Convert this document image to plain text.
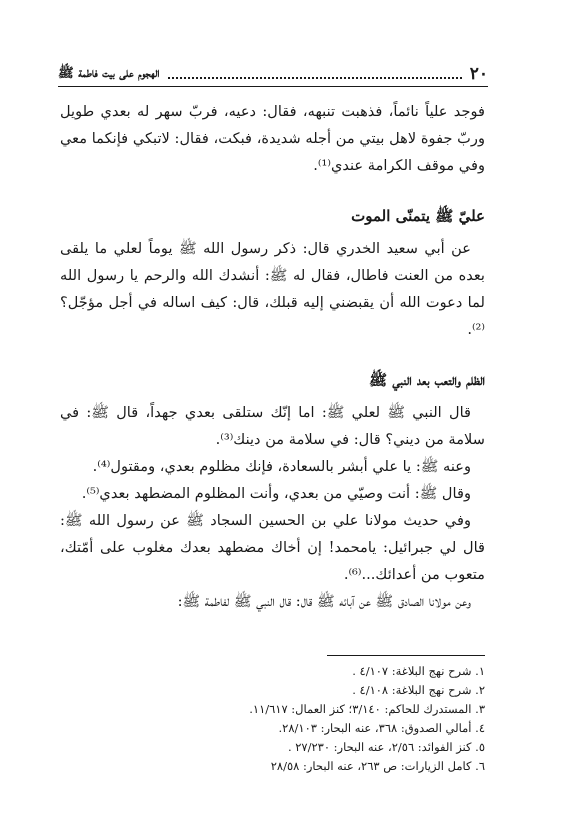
٢٠
الهجوم على بيت فاطمة ﷺ

فوجد علياً نائماً، فذهبت تنبهه، فقال: دعيه، فربّ سهر له بعدي طويل وربّ جفوة لاهل بيتي من أجله شديدة، فبكت، فقال: لاتبكي فإنكما معي وفي موقف الكرامة عندي⁽¹⁾.

عليّ ﷺ يتمنّى الموت

عن أبي سعيد الخدري قال: ذكر رسول الله ﷺ يوماً لعلي ما يلقى بعده من العنت فاطال، فقال له ﷺ: أنشدك الله والرحم يا رسول الله لما دعوت الله أن يقبضني إليه قبلك، قال: كيف اساله في أجل مؤجّل؟⁽²⁾.

الظلم والتعب بعد النبي ﷺ

قال النبي ﷺ لعلي ﷺ: اما إنّك ستلقى بعدي جهداً، قال ﷺ: في سلامة من ديني؟ قال: في سلامة من دينك⁽³⁾.

وعنه ﷺ: يا علي أبشر بالسعادة، فإنك مظلوم بعدي، ومقتول⁽⁴⁾.

وقال ﷺ: أنت وصيّي من بعدي، وأنت المظلوم المضطهد بعدي⁽⁵⁾.

وفي حديث مولانا علي بن الحسين السجاد ﷺ عن رسول الله ﷺ: قال لي جبرائيل: يامحمد! إن أخاك مضطهد بعدك مغلوب على أمّتك، متعوب من أعدائك...⁽⁶⁾.

وعن مولانا الصادق ﷺ عن آبائه ﷺ قال: قال النبي ﷺ لفاطمة ﷺ:

١. شرح نهج البلاغة: ٤/١٠٧ .

٢. شرح نهج البلاغة: ٤/١٠٨ .

٣. المستدرك للحاكم: ٣/١٤٠؛ كنز العمال: ١١/٦١٧.

٤. أمالي الصدوق: ٣٦٨، عنه البحار: ٢٨/١٠٣.

٥. كنز الفوائد: ٢/٥٦، عنه البحار: ٢٧/٢٣٠ .

٦. كامل الزيارات: ص ٢٦٣، عنه البحار: ٢٨/٥٨
